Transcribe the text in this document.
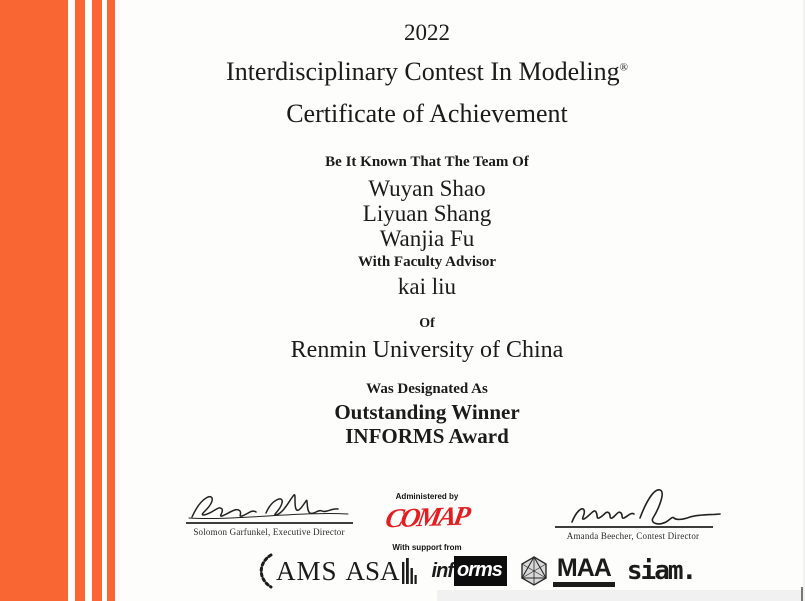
2022
Interdisciplinary Contest In Modeling®
Certificate of Achievement
Be It Known That The Team Of
Wuyan Shao
Liyuan Shang
Wanjia Fu
With Faculty Advisor
kai liu
Of
Renmin University of China
Was Designated As
Outstanding Winner
INFORMS Award
Solomon Garfunkel, Executive Director	Amanda Beecher, Contest Director
Administered by
COMAP
With support from
AMS ASA inf orms MAA siam.
